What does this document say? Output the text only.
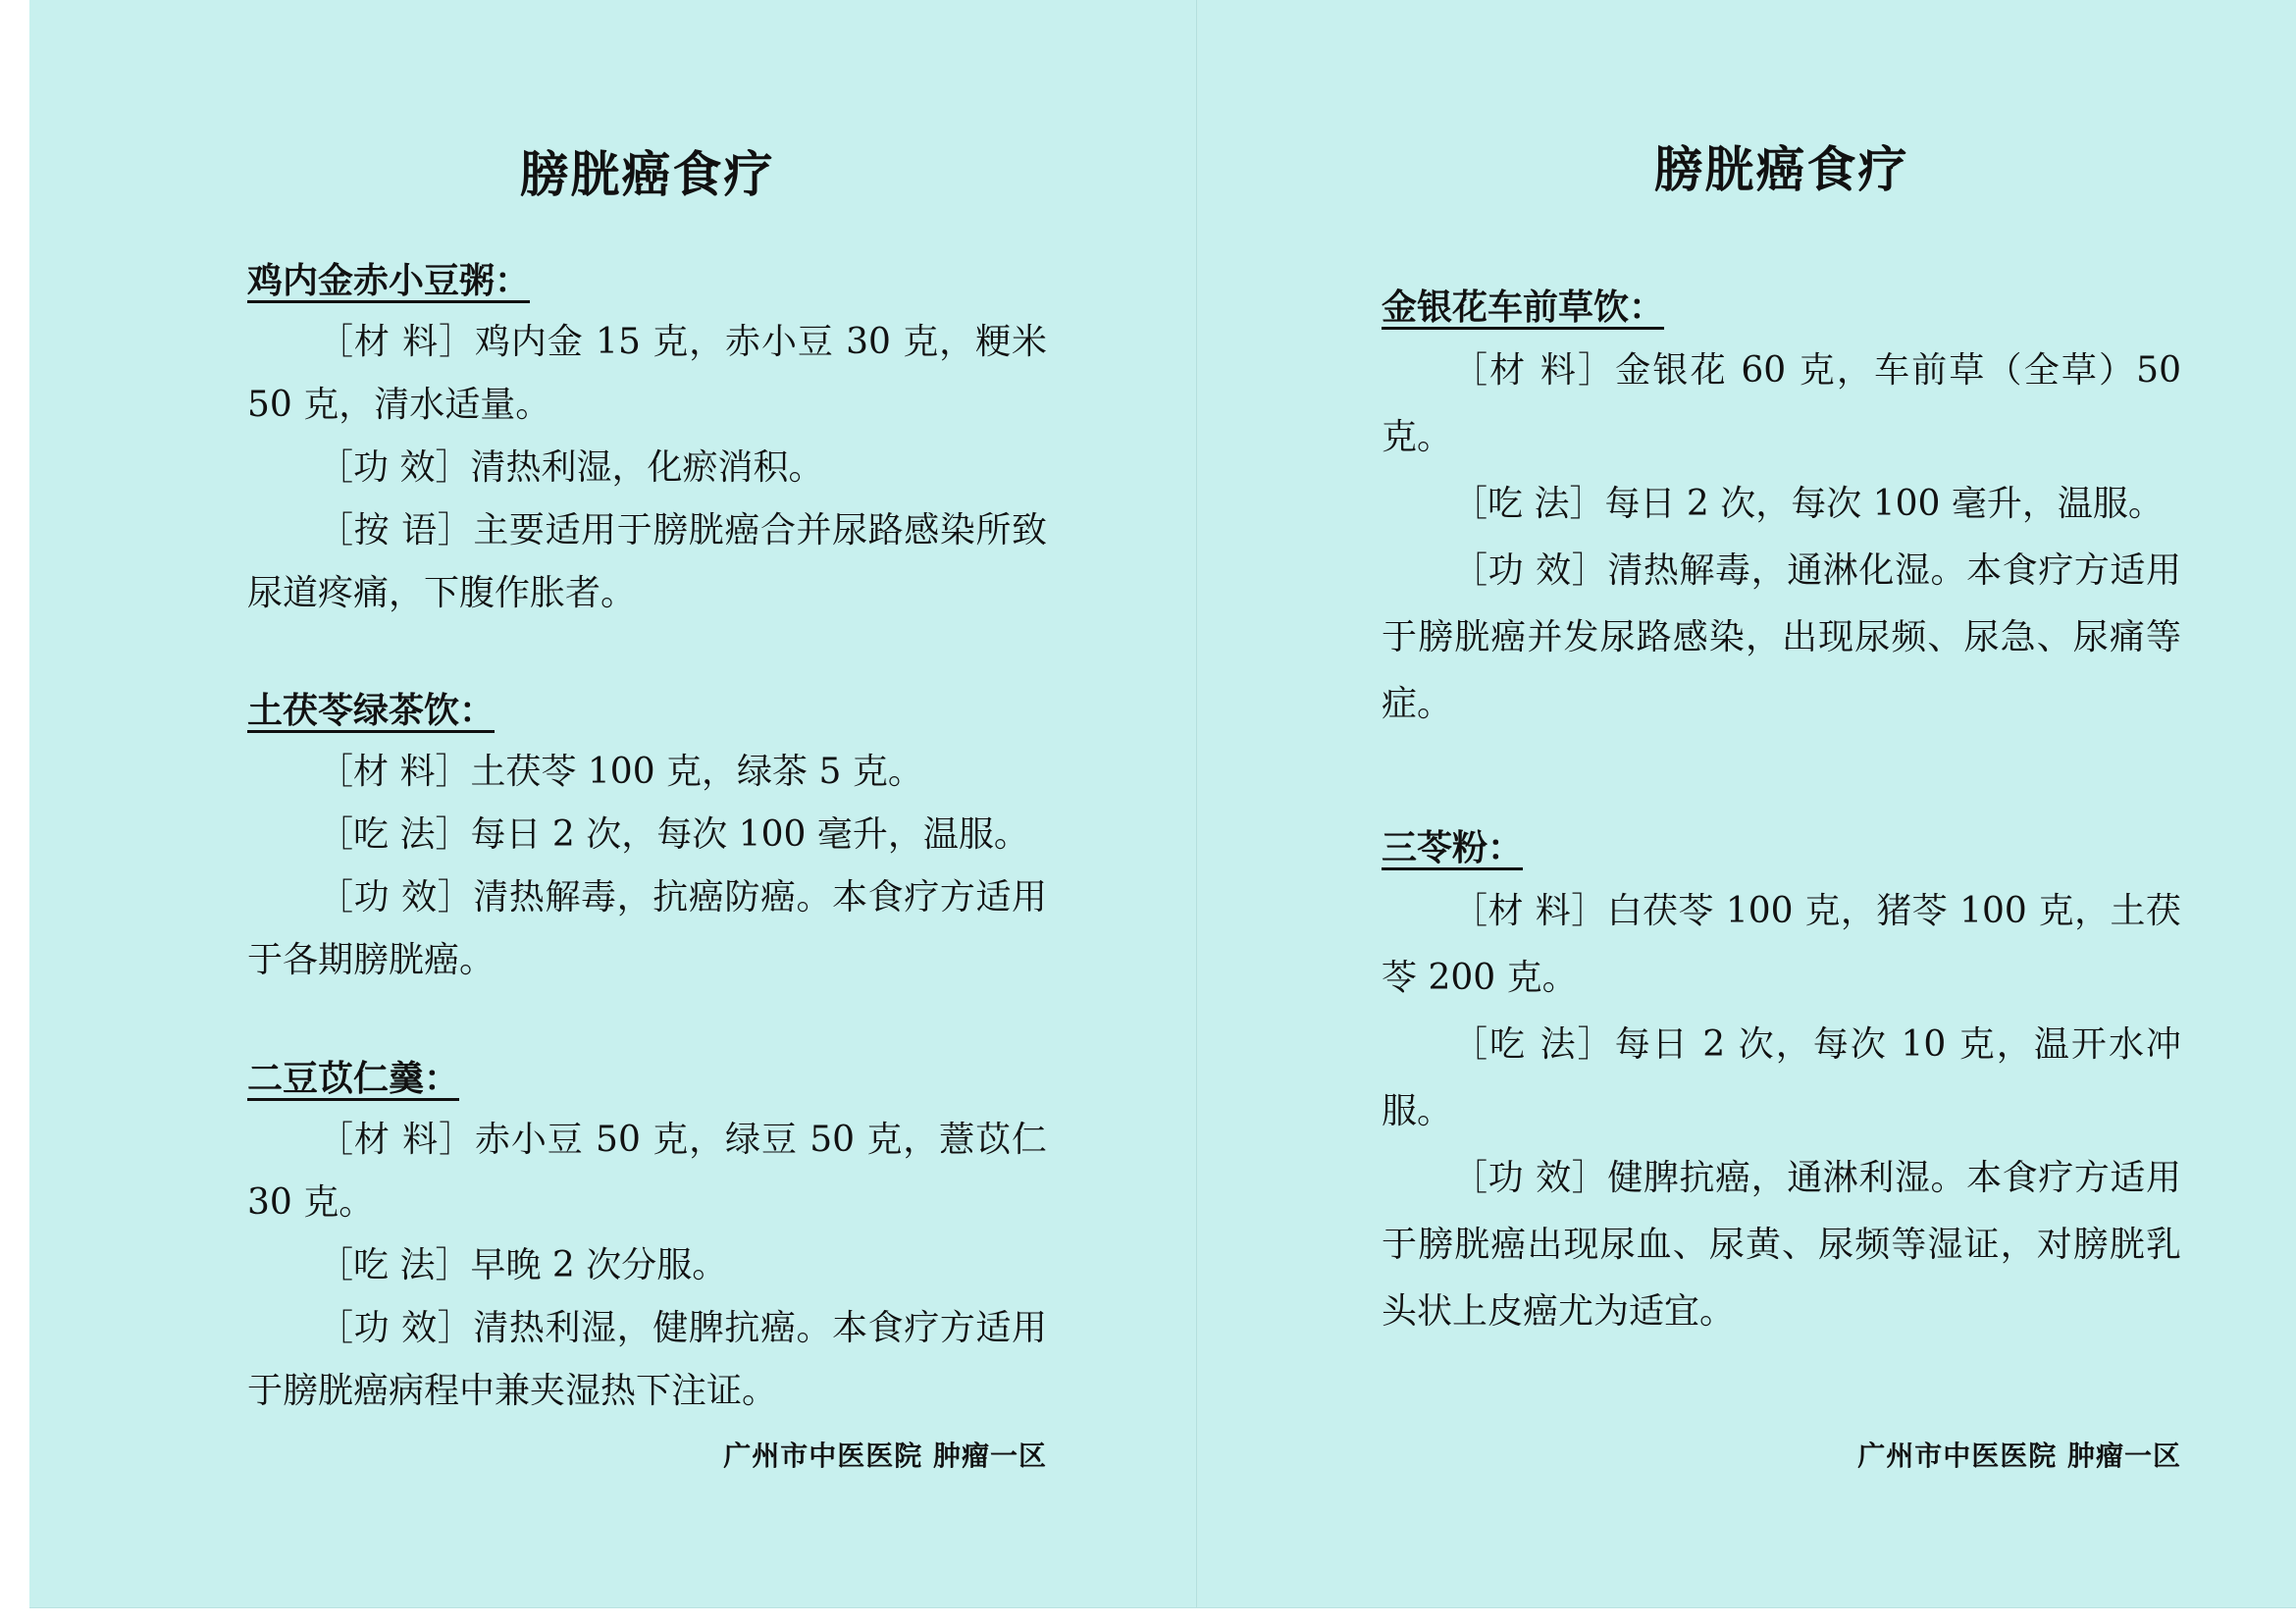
膀胱癌食疗
鸡内金赤小豆粥：

［材 料］鸡内金 15 克，赤小豆 30 克，粳米 50 克，清水适量。

［功 效］清热利湿，化瘀消积。

［按 语］主要适用于膀胱癌合并尿路感染所致尿道疼痛，下腹作胀者。

土茯苓绿茶饮：

［材 料］土茯苓 100 克，绿茶 5 克。

［吃 法］每日 2 次，每次 100 毫升，温服。

［功 效］清热解毒，抗癌防癌。本食疗方适用于各期膀胱癌。

二豆苡仁羹：

［材 料］赤小豆 50 克，绿豆 50 克，薏苡仁 30 克。

［吃 法］早晚 2 次分服。

［功 效］清热利湿，健脾抗癌。本食疗方适用于膀胱癌病程中兼夹湿热下注证。

广州市中医医院 肿瘤一区
膀胱癌食疗
金银花车前草饮：

［材 料］金银花 60 克，车前草（全草）50 克。

［吃 法］每日 2 次，每次 100 毫升，温服。

［功 效］清热解毒，通淋化湿。本食疗方适用于膀胱癌并发尿路感染，出现尿频、尿急、尿痛等症。

三苓粉：

［材 料］白茯苓 100 克，猪苓 100 克，土茯苓 200 克。

［吃 法］每日 2 次，每次 10 克，温开水冲服。

［功 效］健脾抗癌，通淋利湿。本食疗方适用于膀胱癌出现尿血、尿黄、尿频等湿证，对膀胱乳头状上皮癌尤为适宜。

广州市中医医院 肿瘤一区
